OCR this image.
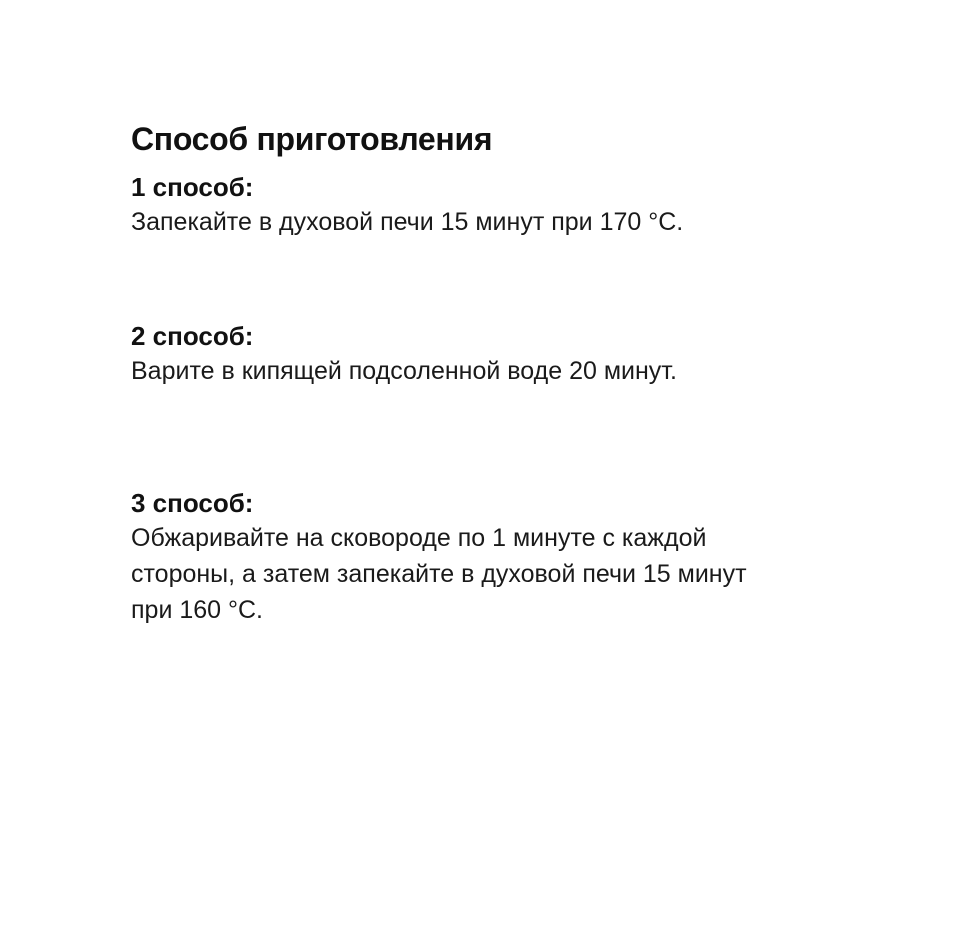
Способ приготовления
1 способ:

Запекайте в духовой печи 15 минут при 170 °С.

2 способ:

Варите в кипящей подсоленной воде 20 минут.

3 способ:

Обжаривайте на сковороде по 1 минуте с каждой

стороны, а затем запекайте в духовой печи 15 минут

при 160 °С.
